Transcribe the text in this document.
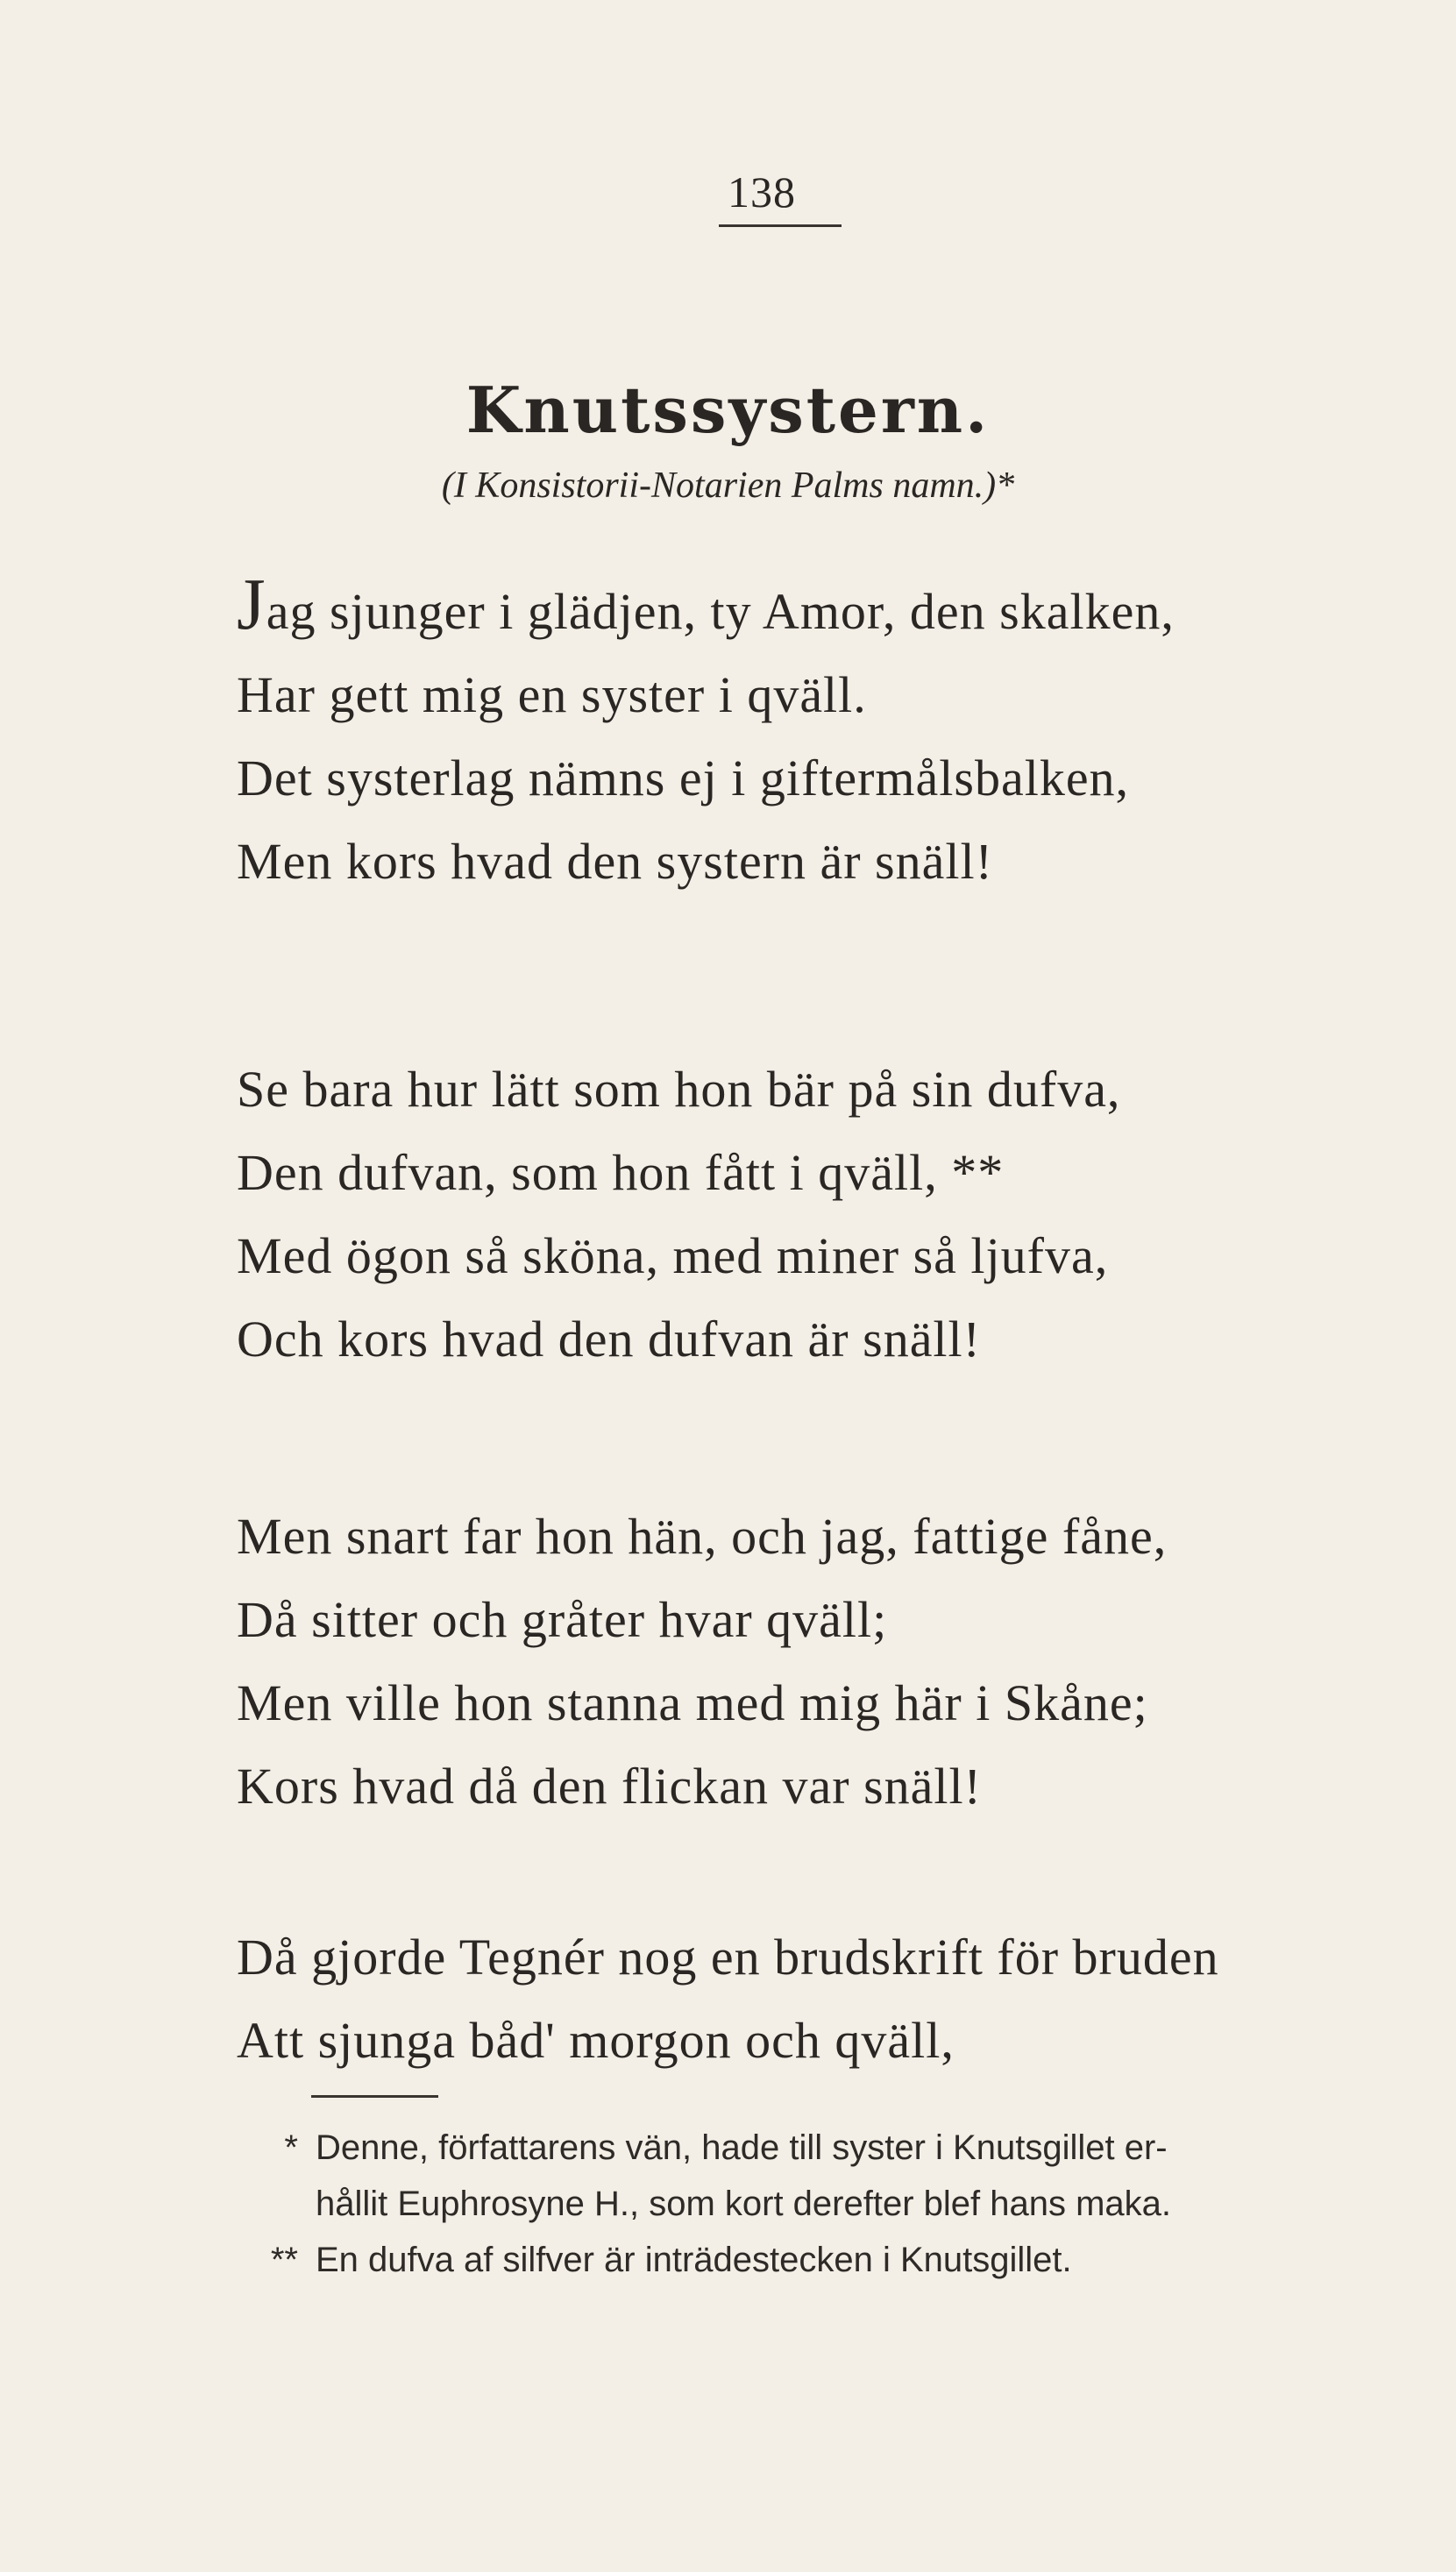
138
Knutssystern.
(I Konsistorii-Notarien Palms namn.)*
Jag sjunger i glädjen, ty Amor, den skalken,
Har gett mig en syster i qväll.
Det systerlag nämns ej i giftermålsbalken,
Men kors hvad den systern är snäll!
Se bara hur lätt som hon bär på sin dufva,
Den dufvan, som hon fått i qväll, **
Med ögon så sköna, med miner så ljufva,
Och kors hvad den dufvan är snäll!
Men snart far hon hän, och jag, fattige fåne,
Då sitter och gråter hvar qväll;
Men ville hon stanna med mig här i Skåne;
Kors hvad då den flickan var snäll!
Då gjorde Tegnér nog en brudskrift för bruden
Att sjunga båd' morgon och qväll,
* Denne, författarens vän, hade till syster i Knutsgillet er-
hållit Euphrosyne H., som kort derefter blef hans maka.
** En dufva af silfver är inträdestecken i Knutsgillet.
